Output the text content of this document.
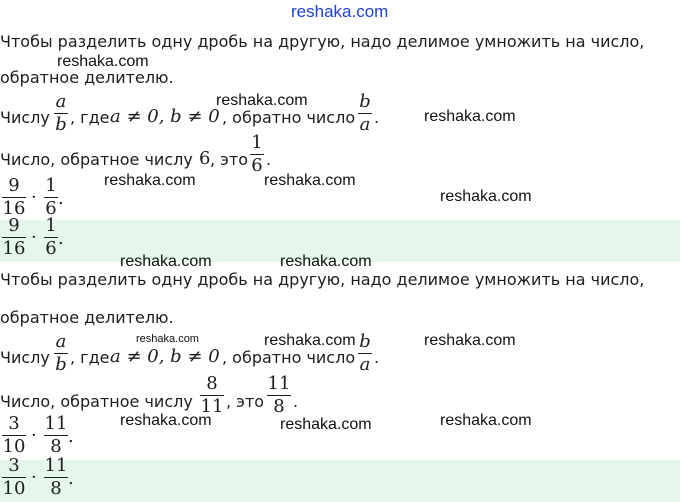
reshaka.com
Чтобы разделить одну дробь на другую, надо делимое умножить на число,
обратное делителю.
Числу
a
b , где a ≠ 0, b ≠ 0 , обратно число
b
a .
Число, обратное числу 6 , это
1
6 .
9
16
·
1
6 .
9
16
·
1
6 .
Чтобы разделить одну дробь на другую, надо делимое умножить на число,
обратное делителю.
Числу
a
b , где a ≠ 0, b ≠ 0 , обратно число
b
a .
Число, обратное числу
8
11 , это
11
8 .
3
10
·
11
8 .
3
10
·
11
8 .
reshaka.com
reshaka.com
reshaka.com
reshaka.com	reshaka.com
reshaka.com
reshaka.com	reshaka.com
reshaka.com	reshaka.com	reshaka.com
reshaka.com	reshaka.com	reshaka.com
